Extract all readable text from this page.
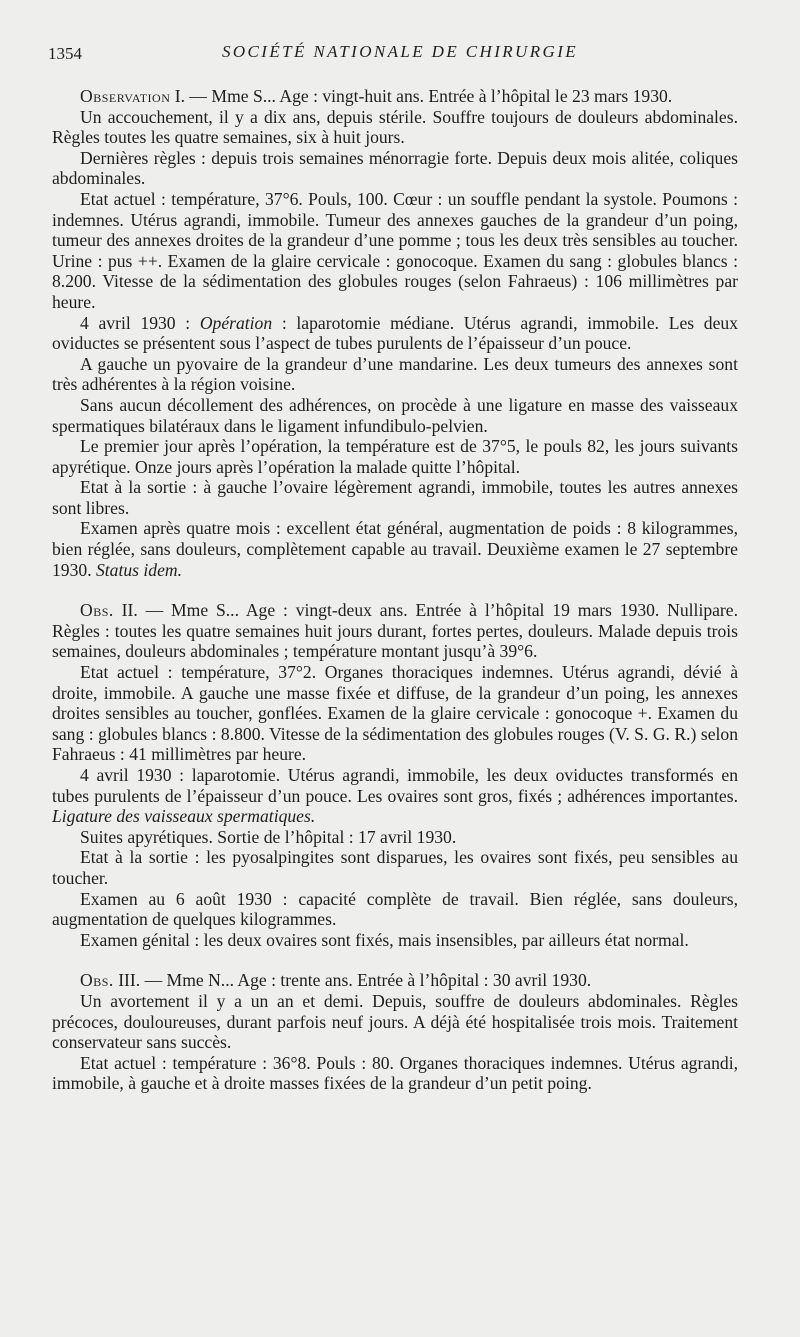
1354	SOCIÉTÉ NATIONALE DE CHIRURGIE

Observation I. — Mme S... Age : vingt-huit ans. Entrée à l’hôpital le 23 mars 1930.

Un accouchement, il y a dix ans, depuis stérile. Souffre toujours de douleurs abdominales. Règles toutes les quatre semaines, six à huit jours.

Dernières règles : depuis trois semaines ménorragie forte. Depuis deux mois alitée, coliques abdominales.

Etat actuel : température, 37°6. Pouls, 100. Cœur : un souffle pendant la systole. Poumons : indemnes. Utérus agrandi, immobile. Tumeur des annexes gauches de la grandeur d’un poing, tumeur des annexes droites de la grandeur d’une pomme ; tous les deux très sensibles au toucher. Urine : pus ++. Examen de la glaire cervicale : gonocoque. Examen du sang : globules blancs : 8.200. Vitesse de la sédimentation des globules rouges (selon Fahraeus) : 106 millimètres par heure.

4 avril 1930 : Opération : laparotomie médiane. Utérus agrandi, immobile. Les deux oviductes se présentent sous l’aspect de tubes purulents de l’épaisseur d’un pouce.

A gauche un pyovaire de la grandeur d’une mandarine. Les deux tumeurs des annexes sont très adhérentes à la région voisine.

Sans aucun décollement des adhérences, on procède à une ligature en masse des vaisseaux spermatiques bilatéraux dans le ligament infundibulo-pelvien.

Le premier jour après l’opération, la température est de 37°5, le pouls 82, les jours suivants apyrétique. Onze jours après l’opération la malade quitte l’hôpital.

Etat à la sortie : à gauche l’ovaire légèrement agrandi, immobile, toutes les autres annexes sont libres.

Examen après quatre mois : excellent état général, augmentation de poids : 8 kilogrammes, bien réglée, sans douleurs, complètement capable au travail. Deuxième examen le 27 septembre 1930. Status idem.

Obs. II. — Mme S... Age : vingt-deux ans. Entrée à l’hôpital 19 mars 1930. Nullipare. Règles : toutes les quatre semaines huit jours durant, fortes pertes, douleurs. Malade depuis trois semaines, douleurs abdominales ; température montant jusqu’à 39°6.

Etat actuel : température, 37°2. Organes thoraciques indemnes. Utérus agrandi, dévié à droite, immobile. A gauche une masse fixée et diffuse, de la grandeur d’un poing, les annexes droites sensibles au toucher, gonflées. Examen de la glaire cervicale : gonocoque +. Examen du sang : globules blancs : 8.800. Vitesse de la sédimentation des globules rouges (V. S. G. R.) selon Fahraeus : 41 millimètres par heure.

4 avril 1930 : laparotomie. Utérus agrandi, immobile, les deux oviductes transformés en tubes purulents de l’épaisseur d’un pouce. Les ovaires sont gros, fixés ; adhérences importantes. Ligature des vaisseaux spermatiques.

Suites apyrétiques. Sortie de l’hôpital : 17 avril 1930.

Etat à la sortie : les pyosalpingites sont disparues, les ovaires sont fixés, peu sensibles au toucher.

Examen au 6 août 1930 : capacité complète de travail. Bien réglée, sans douleurs, augmentation de quelques kilogrammes.

Examen génital : les deux ovaires sont fixés, mais insensibles, par ailleurs état normal.

Obs. III. — Mme N... Age : trente ans. Entrée à l’hôpital : 30 avril 1930.

Un avortement il y a un an et demi. Depuis, souffre de douleurs abdominales. Règles précoces, douloureuses, durant parfois neuf jours. A déjà été hospitalisée trois mois. Traitement conservateur sans succès.

Etat actuel : température : 36°8. Pouls : 80. Organes thoraciques indemnes. Utérus agrandi, immobile, à gauche et à droite masses fixées de la grandeur d’un petit poing.
